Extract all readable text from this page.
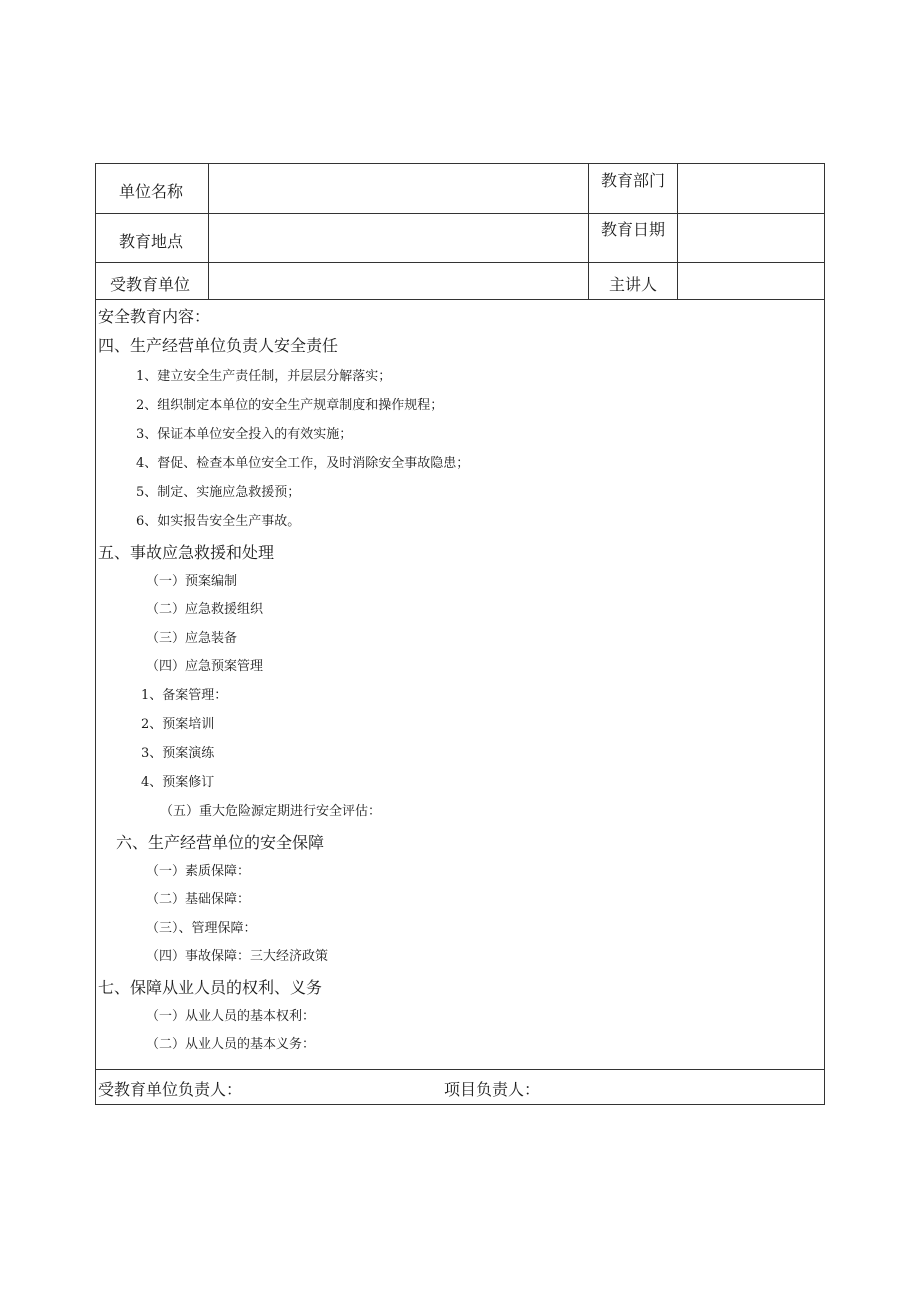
单位名称
教育部门
教育地点
教育日期
受教育单位	主讲人
安全教育内容：
四、生产经营单位负责人安全责任
1、建立安全生产责任制，并层层分解落实；
2、组织制定本单位的安全生产规章制度和操作规程；
3、保证本单位安全投入的有效实施；
4、督促、检查本单位安全工作，及时消除安全事故隐患；
5、制定、实施应急救援预；
6、如实报告安全生产事故。
五、事故应急救援和处理
（一）预案编制
（二）应急救援组织
（三）应急装备
（四）应急预案管理
1、备案管理：
2、预案培训
3、预案演练
4、预案修订
（五）重大危险源定期进行安全评估：
六、生产经营单位的安全保障
（一）素质保障：
（二）基础保障：
（三）、管理保障：
（四）事故保障：三大经济政策
七、保障从业人员的权利、义务
（一）从业人员的基本权利：
（二）从业人员的基本义务：
受教育单位负责人：	项目负责人：
